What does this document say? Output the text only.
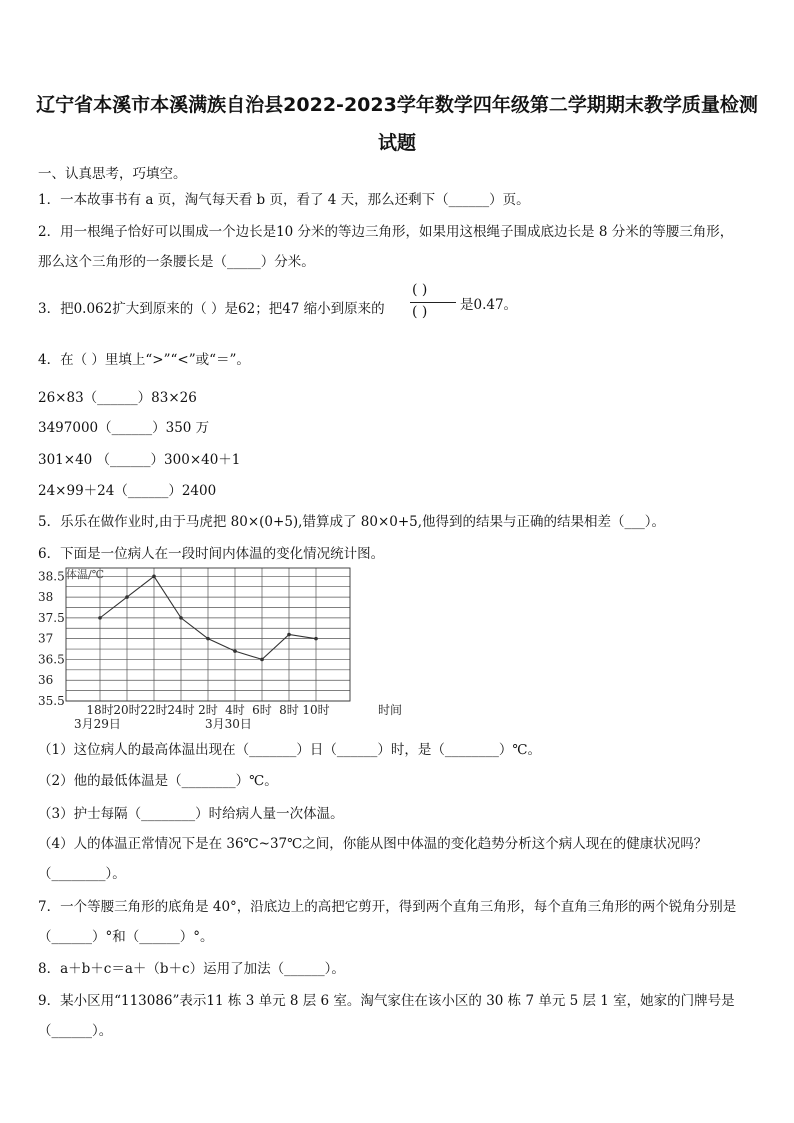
辽宁省本溪市本溪满族自治县2022-2023学年数学四年级第二学期期末教学质量检测
试题
一、认真思考，巧填空。
1．一本故事书有 a 页，淘气每天看 b 页，看了 4 天，那么还剩下（______）页。
2．用一根绳子恰好可以围成一个边长是10 分米的等边三角形，如果用这根绳子围成底边长是 8 分米的等腰三角形，
那么这个三角形的一条腰长是（_____）分米。
3．把0.062扩大到原来的（ ）是62；把47 缩小到原来的
( )
( ) 是0.47。
4．在（ ）里填上“>”“<”或“＝”。
26×83（______）83×26
3497000（______）350 万
301×40 （______）300×40＋1
24×99＋24（______）2400
5．乐乐在做作业时,由于马虎把 80×(0+5),错算成了 80×0+5,他得到的结果与正确的结果相差（___）。
6．下面是一位病人在一段时间内体温的变化情况统计图。
38.5
38
37.5
37
36.5
36
35.5
18时 20时 22时 24时 2时 4时 6时 8时 10时
体温/℃
时间
3月29日	3月30日
（1）这位病人的最高体温出现在（_______）日（______）时，是（________）℃。
（2）他的最低体温是（________）℃。
（3）护士每隔（________）时给病人量一次体温。
（4）人的体温正常情况下是在 36℃~37℃之间，你能从图中体温的变化趋势分析这个病人现在的健康状况吗？
（________）。
7．一个等腰三角形的底角是 40°，沿底边上的高把它剪开，得到两个直角三角形，每个直角三角形的两个锐角分别是
（______）°和（______）°。
8．a＋b＋c＝a＋（b＋c）运用了加法（______）。
9．某小区用“113086”表示11 栋 3 单元 8 层 6 室。淘气家住在该小区的 30 栋 7 单元 5 层 1 室，她家的门牌号是
（______）。
